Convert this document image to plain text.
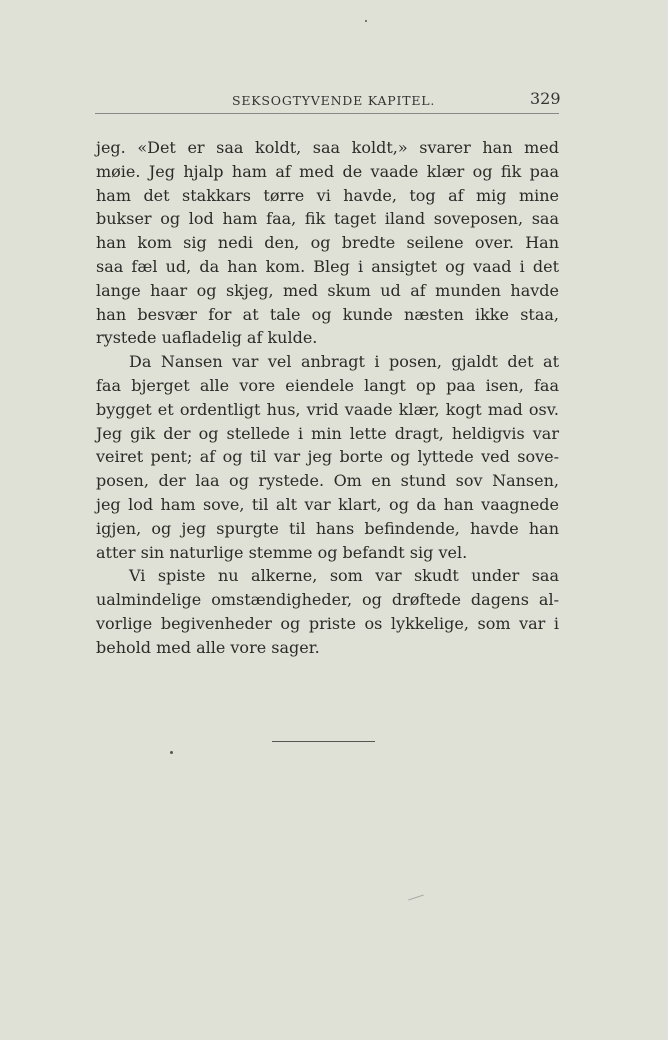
SEKSOGTYVENDE KAPITEL.	329
jeg. «Det er saa koldt, saa koldt,» svarer han med
møie. Jeg hjalp ham af med de vaade klær og fik paa
ham det stakkars tørre vi havde, tog af mig mine
bukser og lod ham faa, fik taget iland soveposen, saa
han kom sig nedi den, og bredte seilene over. Han
saa fæl ud, da han kom. Bleg i ansigtet og vaad i det
lange haar og skjeg, med skum ud af munden havde
han besvær for at tale og kunde næsten ikke staa,
rystede uafladelig af kulde.
Da Nansen var vel anbragt i posen, gjaldt det at
faa bjerget alle vore eiendele langt op paa isen, faa
bygget et ordentligt hus, vrid vaade klær, kogt mad osv.
Jeg gik der og stellede i min lette dragt, heldigvis var
veiret pent; af og til var jeg borte og lyttede ved sove-
posen, der laa og rystede. Om en stund sov Nansen,
jeg lod ham sove, til alt var klart, og da han vaagnede
igjen, og jeg spurgte til hans befindende, havde han
atter sin naturlige stemme og befandt sig vel.
Vi spiste nu alkerne, som var skudt under saa
ualmindelige omstændigheder, og drøftede dagens al-
vorlige begivenheder og priste os lykkelige, som var i
behold med alle vore sager.
